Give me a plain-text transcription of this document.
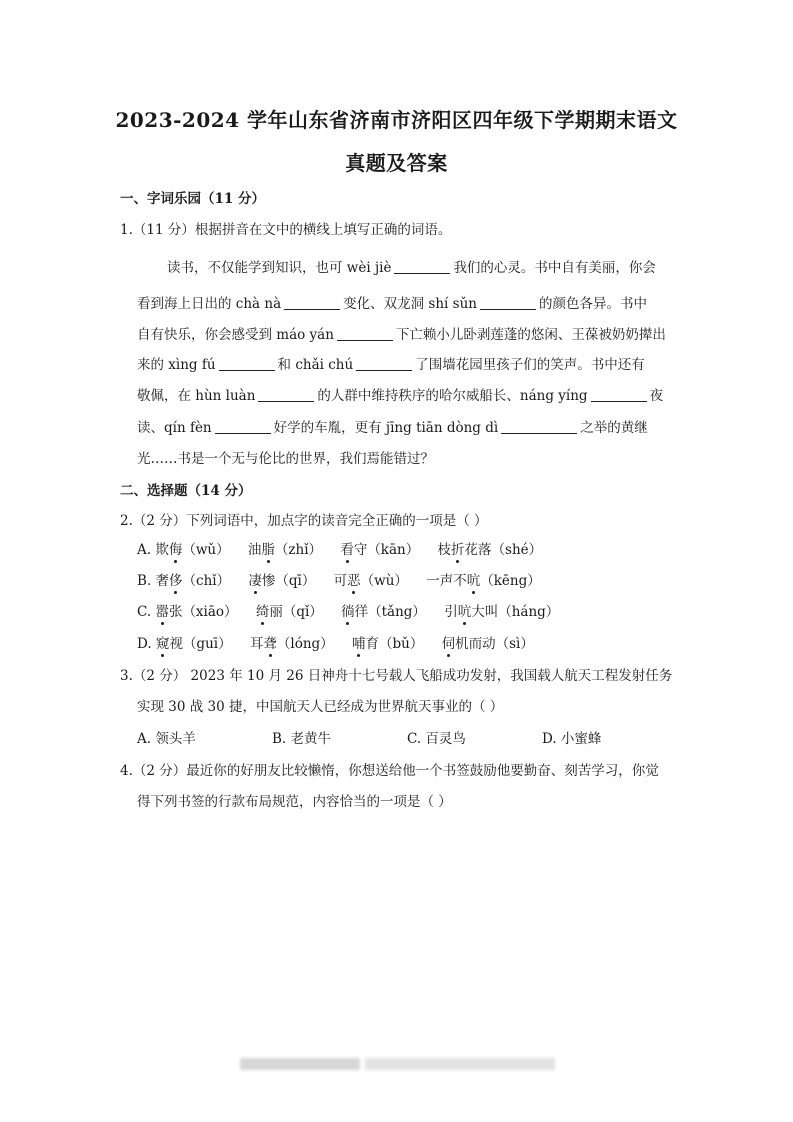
2023-2024 学年山东省济南市济阳区四年级下学期期末语文
真题及答案
一、字词乐园（11 分）
1.（11 分）根据拼音在文中的横线上填写正确的词语。
读书，不仅能学到知识，也可 wèi jiè	我们的心灵。书中自有美丽，你会
看到海上日出的 chà nà	变化、双龙洞 shí sǔn	的颜色各异。书中
自有快乐，你会感受到 máo yán	下亡赖小儿卧剥莲蓬的悠闲、王葆被奶奶撵出
来的 xìng fú	和 chǎi chú	了围墙花园里孩子们的笑声。书中还有
敬佩，在 hùn luàn	的人群中维持秩序的哈尔威船长、náng yíng	夜
读、qín fèn	好学的车胤，更有 jīng tiān dòng dì	之举的黄继
光……书是一个无与伦比的世界，我们焉能错过？
二、选择题（14 分）
2.（2 分）下列词语中，加点字的读音完全正确的一项是（ ）
A. 欺侮（wǔ） 油脂（zhǐ） 看守（kān） 枝折花落（shé）
B. 奢侈（chǐ） 凄惨（qī） 可恶（wù） 一声不吭（kēng）
C. 嚣张（xiāo） 绮丽（qǐ） 徜徉（tǎng） 引吭大叫（háng）
D. 窥视（guī） 耳聋（lóng） 哺育（bǔ） 伺机而动（sì）
3.（2 分） 2023 年 10 月 26 日神舟十七号载人飞船成功发射，我国载人航天工程发射任务
实现 30 战 30 捷，中国航天人已经成为世界航天事业的（ ）
A. 领头羊	B. 老黄牛	C. 百灵鸟	D. 小蜜蜂
4.（2 分）最近你的好朋友比较懒惰，你想送给他一个书签鼓励他要勤奋、刻苦学习，你觉
得下列书签的行款布局规范，内容恰当的一项是（ ）
